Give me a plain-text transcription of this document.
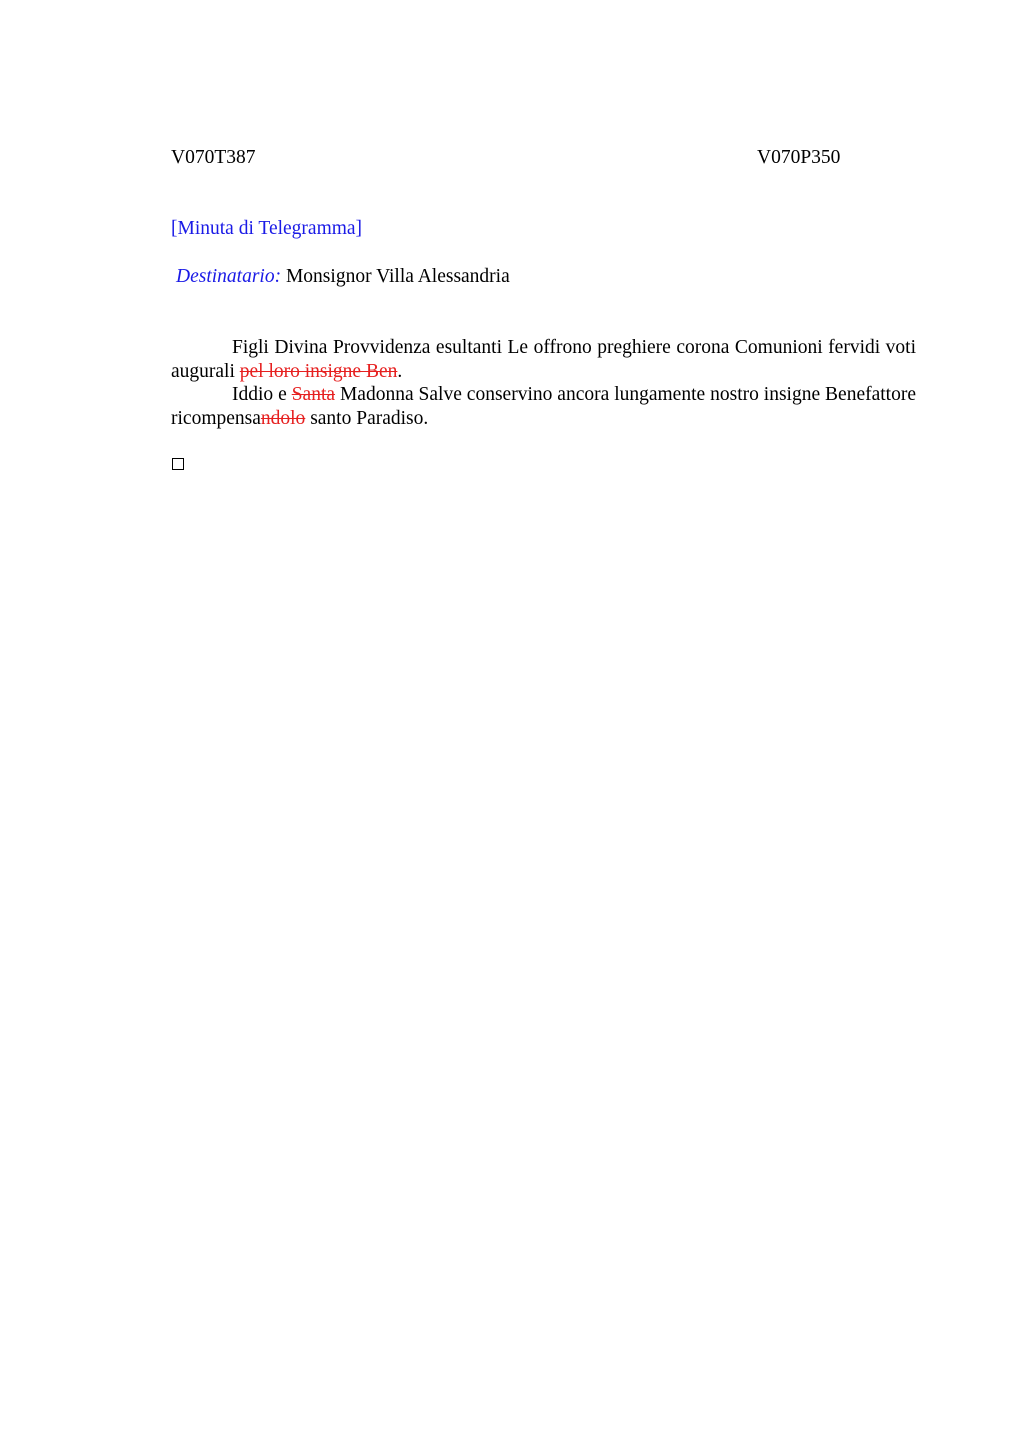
V070T387	V070P350
[Minuta di Telegramma]
Destinatario: Monsignor Villa Alessandria

Figli Divina Provvidenza esultanti Le offrono preghiere corona Comunioni fervidi voti augurali pel loro insigne Ben.

Iddio e Santa Madonna Salve conservino ancora lungamente nostro insigne Benefattore ricompensandolo santo Paradiso.
